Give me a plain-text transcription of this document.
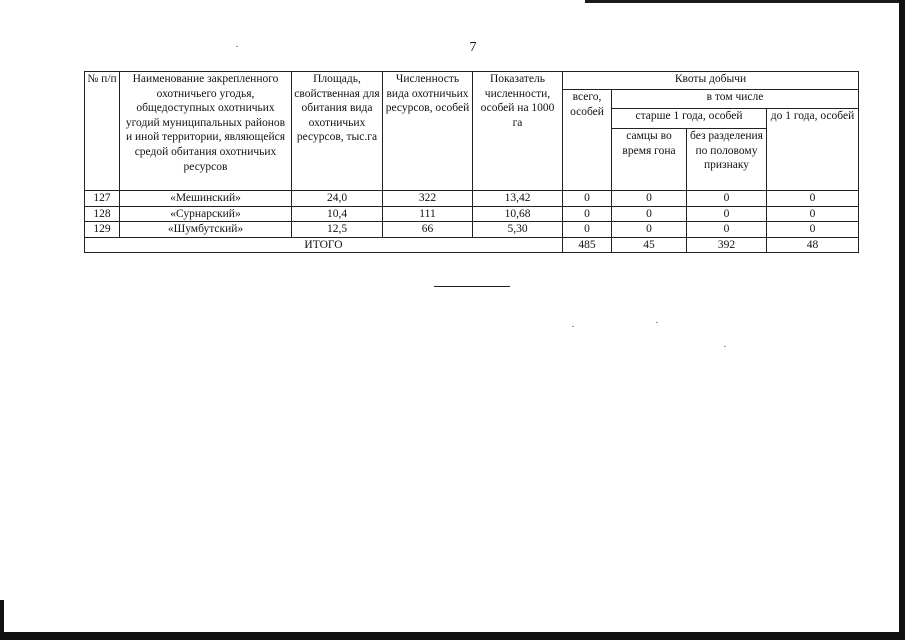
7
№ п/п	Наименование закрепленного охотничьего угодья, общедоступных охотничьих угодий муниципальных районов и иной территории, являющейся средой обитания охотничьих ресурсов	Площадь, свойственная для обитания вида охотничьих ресурсов, тыс.га	Численность вида охотничьих ресурсов, особей	Показатель численности, особей на 1000 га	Квоты добычи			
					всего, особей	в том числе		
						старше 1 года, особей		до 1 года, особей
						самцы во время гона	без разделения по половому признаку	
127	«Мешинский»	24,0	322	13,42	0	0	0	0
128	«Сурнарский»	10,4	111	10,68	0	0	0	0
129	«Шумбутский»	12,5	66	5,30	0	0	0	0
ИТОГО					485	45	392	48
